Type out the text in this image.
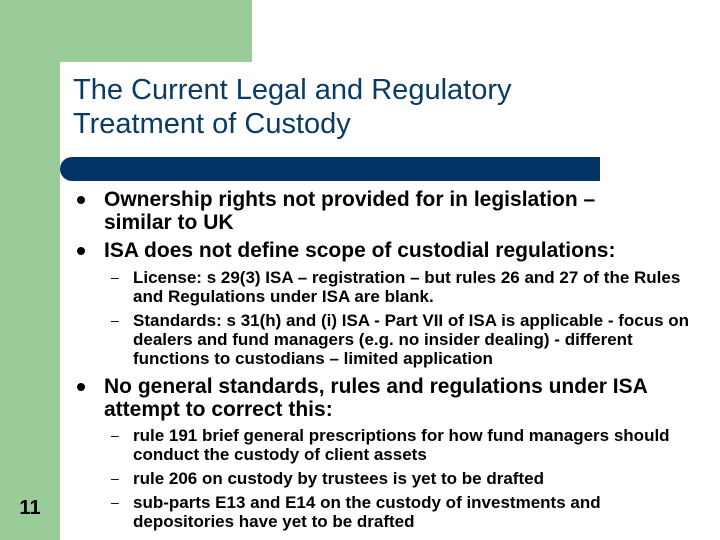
The Current Legal and Regulatory Treatment of Custody
Ownership rights not provided for in legislation – similar to UK
ISA does not define scope of custodial regulations:
– License: s 29(3) ISA – registration – but rules 26 and 27 of the Rules and Regulations under ISA are blank.
– Standards: s 31(h) and (i) ISA - Part VII of ISA is applicable - focus on dealers and fund managers (e.g. no insider dealing) - different functions to custodians – limited application
No general standards, rules and regulations under ISA attempt to correct this:
– rule 191 brief general prescriptions for how fund managers should conduct the custody of client assets
– rule 206 on custody by trustees is yet to be drafted
– sub-parts E13 and E14 on the custody of investments and depositories have yet to be drafted
11
